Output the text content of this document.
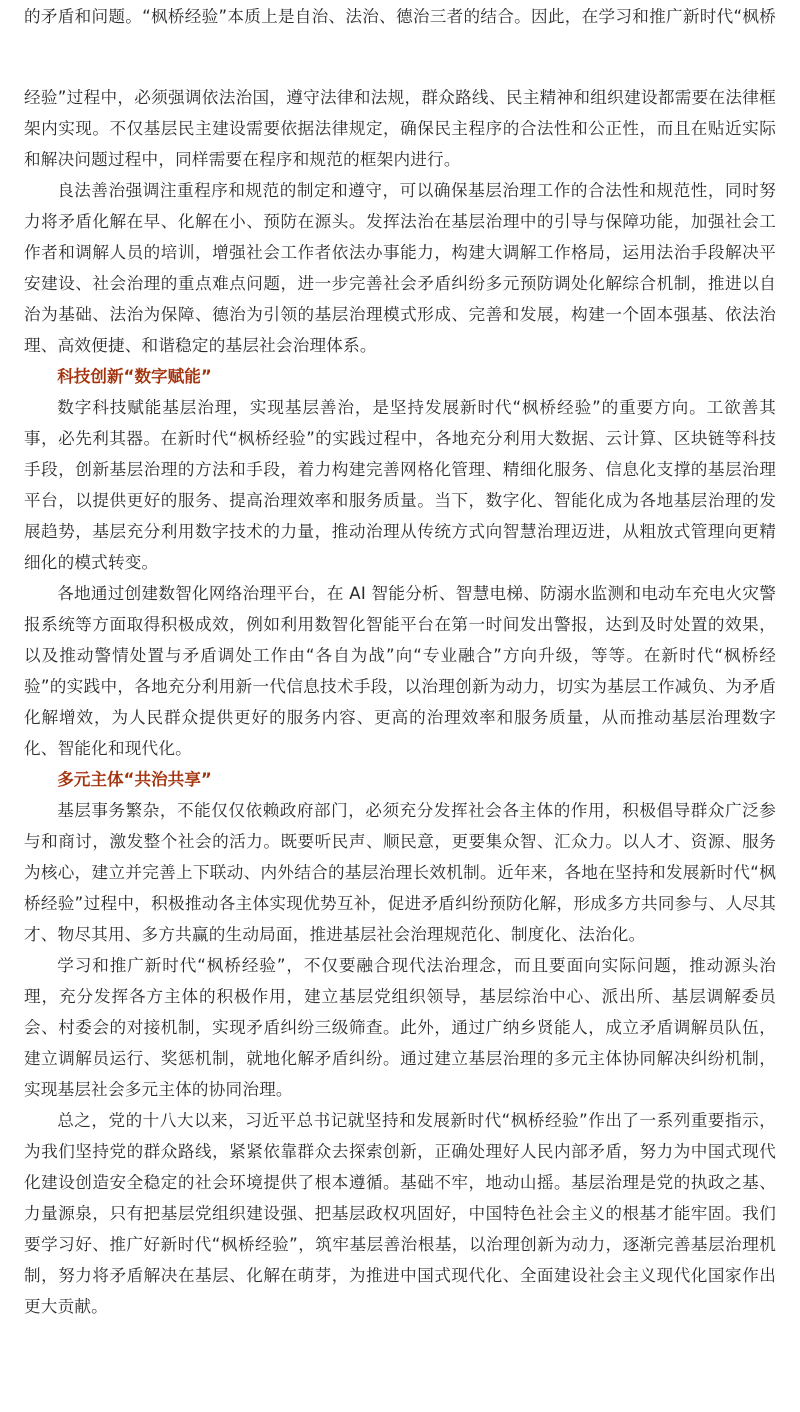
的矛盾和问题。“枫桥经验”本质上是自治、法治、德治三者的结合。因此，在学习和推广新时代“枫桥

经验”过程中，必须强调依法治国，遵守法律和法规，群众路线、民主精神和组织建设都需要在法律框架内实现。不仅基层民主建设需要依据法律规定，确保民主程序的合法性和公正性，而且在贴近实际和解决问题过程中，同样需要在程序和规范的框架内进行。

良法善治强调注重程序和规范的制定和遵守，可以确保基层治理工作的合法性和规范性，同时努力将矛盾化解在早、化解在小、预防在源头。发挥法治在基层治理中的引导与保障功能，加强社会工作者和调解人员的培训，增强社会工作者依法办事能力，构建大调解工作格局，运用法治手段解决平安建设、社会治理的重点难点问题，进一步完善社会矛盾纠纷多元预防调处化解综合机制，推进以自治为基础、法治为保障、德治为引领的基层治理模式形成、完善和发展，构建一个固本强基、依法治理、高效便捷、和谐稳定的基层社会治理体系。

科技创新“数字赋能”

数字科技赋能基层治理，实现基层善治，是坚持发展新时代“枫桥经验”的重要方向。工欲善其事，必先利其器。在新时代“枫桥经验”的实践过程中，各地充分利用大数据、云计算、区块链等科技手段，创新基层治理的方法和手段，着力构建完善网格化管理、精细化服务、信息化支撑的基层治理平台，以提供更好的服务、提高治理效率和服务质量。当下，数字化、智能化成为各地基层治理的发展趋势，基层充分利用数字技术的力量，推动治理从传统方式向智慧治理迈进，从粗放式管理向更精细化的模式转变。

各地通过创建数智化网络治理平台，在 AI 智能分析、智慧电梯、防溺水监测和电动车充电火灾警报系统等方面取得积极成效，例如利用数智化智能平台在第一时间发出警报，达到及时处置的效果，以及推动警情处置与矛盾调处工作由“各自为战”向“专业融合”方向升级，等等。在新时代“枫桥经验”的实践中，各地充分利用新一代信息技术手段，以治理创新为动力，切实为基层工作减负、为矛盾化解增效，为人民群众提供更好的服务内容、更高的治理效率和服务质量，从而推动基层治理数字化、智能化和现代化。

多元主体“共治共享”

基层事务繁杂，不能仅仅依赖政府部门，必须充分发挥社会各主体的作用，积极倡导群众广泛参与和商讨，激发整个社会的活力。既要听民声、顺民意，更要集众智、汇众力。以人才、资源、服务为核心，建立并完善上下联动、内外结合的基层治理长效机制。近年来，各地在坚持和发展新时代“枫桥经验”过程中，积极推动各主体实现优势互补，促进矛盾纠纷预防化解，形成多方共同参与、人尽其才、物尽其用、多方共赢的生动局面，推进基层社会治理规范化、制度化、法治化。

学习和推广新时代“枫桥经验”，不仅要融合现代法治理念，而且要面向实际问题，推动源头治理，充分发挥各方主体的积极作用，建立基层党组织领导，基层综治中心、派出所、基层调解委员会、村委会的对接机制，实现矛盾纠纷三级筛查。此外，通过广纳乡贤能人，成立矛盾调解员队伍，建立调解员运行、奖惩机制，就地化解矛盾纠纷。通过建立基层治理的多元主体协同解决纠纷机制，实现基层社会多元主体的协同治理。

总之，党的十八大以来，习近平总书记就坚持和发展新时代“枫桥经验”作出了一系列重要指示，为我们坚持党的群众路线，紧紧依靠群众去探索创新，正确处理好人民内部矛盾，努力为中国式现代化建设创造安全稳定的社会环境提供了根本遵循。基础不牢，地动山摇。基层治理是党的执政之基、力量源泉，只有把基层党组织建设强、把基层政权巩固好，中国特色社会主义的根基才能牢固。我们要学习好、推广好新时代“枫桥经验”，筑牢基层善治根基，以治理创新为动力，逐渐完善基层治理机制，努力将矛盾解决在基层、化解在萌芽，为推进中国式现代化、全面建设社会主义现代化国家作出更大贡献。
